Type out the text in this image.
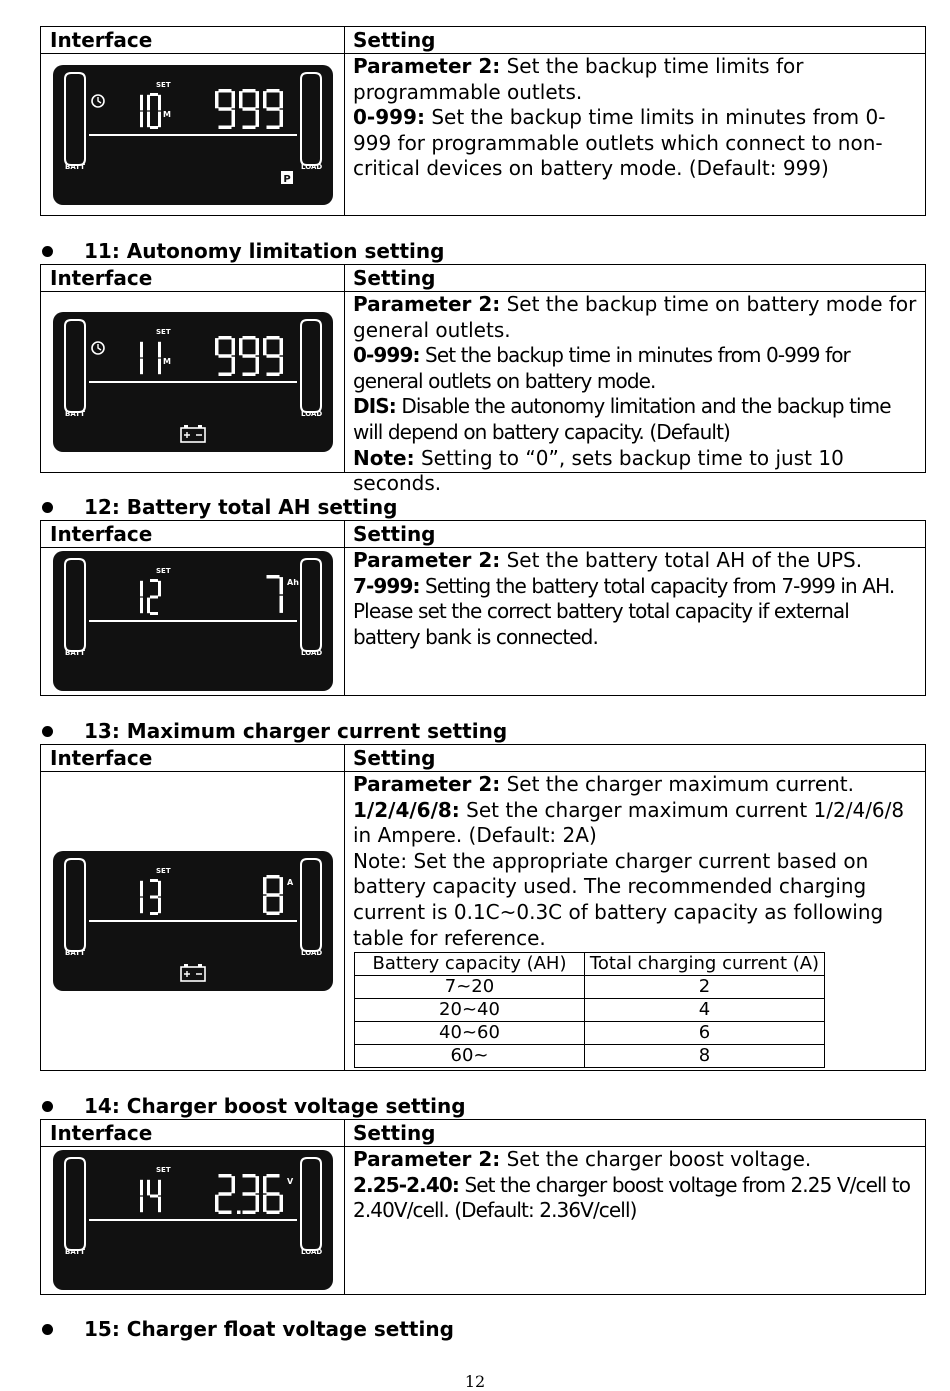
Interface	Setting
BATT	LOAD
SET
M
P

Parameter 2: Set the backup time limits for programmable outlets.

0-999: Set the backup time limits in minutes from 0-999 for programmable outlets which connect to non-critical devices on battery mode. (Default: 999)

11: Autonomy limitation setting
Interface	Setting
BATT	LOAD
SET
M

Parameter 2: Set the backup time on battery mode for general outlets.

0-999: Set the backup time in minutes from 0-999 for general outlets on battery mode.

DIS: Disable the autonomy limitation and the backup time will depend on battery capacity. (Default)

Note: Setting to “0”, sets backup time to just 10 seconds.

12: Battery total AH setting
Interface	Setting
BATT	LOAD
SET
Ah

Parameter 2: Set the battery total AH of the UPS.

7-999: Setting the battery total capacity from 7-999 in AH. Please set the correct battery total capacity if external battery bank is connected.

13: Maximum charger current setting
Interface	Setting
BATT	LOAD
SET
A

Parameter 2: Set the charger maximum current.

1/2/4/6/8: Set the charger maximum current 1/2/4/6/8 in Ampere. (Default: 2A)

Note: Set the appropriate charger current based on battery capacity used. The recommended charging current is 0.1C~0.3C of battery capacity as following table for reference.

Battery capacity (AH)	Total charging current (A)
7~20	2
20~40	4
40~60	6
60~	8
14: Charger boost voltage setting
Interface	Setting
BATT	LOAD
SET
V

Parameter 2: Set the charger boost voltage.

2.25-2.40: Set the charger boost voltage from 2.25 V/cell to 2.40V/cell. (Default: 2.36V/cell)

15: Charger float voltage setting
12
